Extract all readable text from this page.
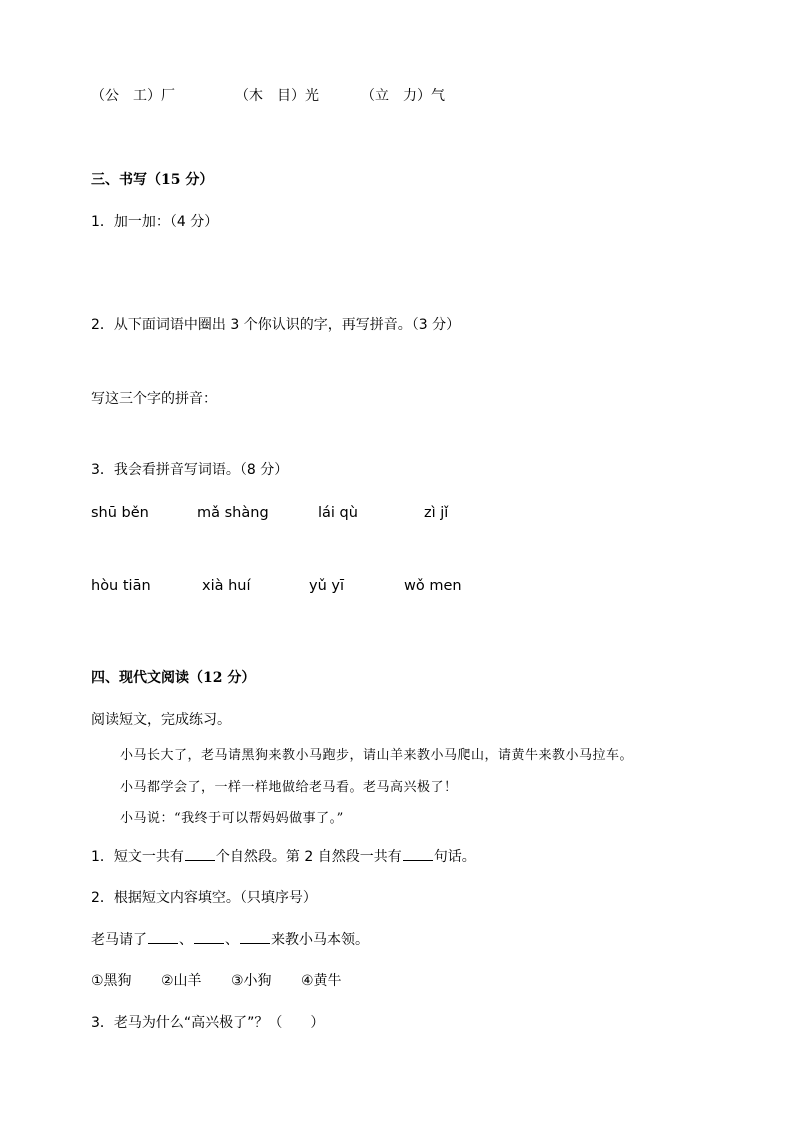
（公　工）厂	（木　目）光	（立　力）气
三、书写（15 分）
1．加一加：（4 分）
2．从下面词语中圈出 3 个你认识的字，再写拼音。（3 分）
写这三个字的拼音：
3．我会看拼音写词语。（8 分）
shū běn	mǎ shàng	lái qù	zì jǐ
hòu tiān	xià huí	yǔ yī	wǒ men
四、现代文阅读（12 分）
阅读短文，完成练习。
小马长大了，老马请黑狗来教小马跑步，请山羊来教小马爬山，请黄牛来教小马拉车。
小马都学会了，一样一样地做给老马看。老马高兴极了！
小马说：“我终于可以帮妈妈做事了。”
1．短文一共有 个自然段。第 2 自然段一共有 句话。
2．根据短文内容填空。（只填序号）
老马请了 、 、 来教小马本领。
①黑狗 ②山羊 ③小狗 ④黄牛
3．老马为什么“高兴极了”？（　　）
